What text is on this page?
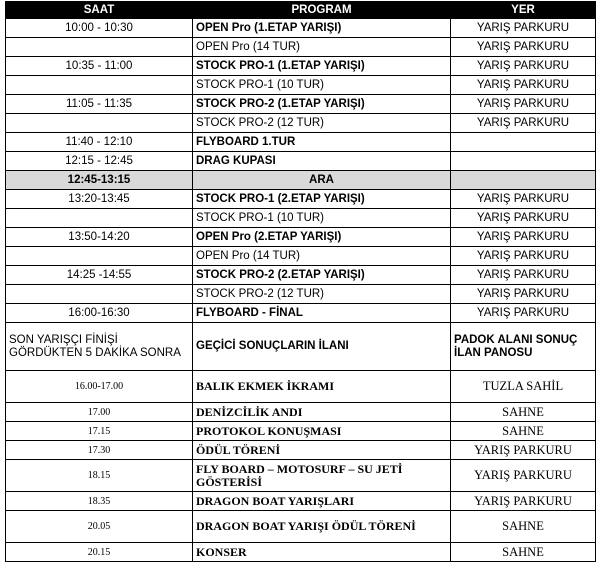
SAAT	PROGRAM	YER
10:00 - 10:30	OPEN Pro (1.ETAP YARIŞI)	YARIŞ PARKURU
	OPEN Pro (14 TUR)	YARIŞ PARKURU
10:35 - 11:00	STOCK PRO-1 (1.ETAP YARIŞI)	YARIŞ PARKURU
	STOCK PRO-1 (10 TUR)	YARIŞ PARKURU
11:05 - 11:35	STOCK PRO-2 (1.ETAP YARIŞI)	YARIŞ PARKURU
	STOCK PRO-2 (12 TUR)	YARIŞ PARKURU
11:40 - 12:10	FLYBOARD 1.TUR	
12:15 - 12:45	DRAG KUPASI	
12:45-13:15	ARA	
13:20-13:45	STOCK PRO-1 (2.ETAP YARIŞI)	YARIŞ PARKURU
	STOCK PRO-1 (10 TUR)	YARIŞ PARKURU
13:50-14:20	OPEN Pro (2.ETAP YARIŞI)	YARIŞ PARKURU
	OPEN Pro (14 TUR)	YARIŞ PARKURU
14:25 -14:55	STOCK PRO-2 (2.ETAP YARIŞI)	YARIŞ PARKURU
	STOCK PRO-2 (12 TUR)	YARIŞ PARKURU
16:00-16:30	FLYBOARD - FİNAL	YARIŞ PARKURU
SON YARIŞÇI FİNİŞİ GÖRDÜKTEN 5 DAKİKA SONRA	GEÇİCİ SONUÇLARIN İLANI	PADOK ALANI SONUÇ İLAN PANOSU
16.00-17.00	BALIK EKMEK İKRAMI	TUZLA SAHİL
17.00	DENİZCİLİK ANDI	SAHNE
17.15	PROTOKOL KONUŞMASI	SAHNE
17.30	ÖDÜL TÖRENİ	YARIŞ PARKURU
18.15	FLY BOARD – MOTOSURF – SU JETİ GÖSTERİSİ	YARIŞ PARKURU
18.35	DRAGON BOAT YARIŞLARI	YARIŞ PARKURU
20.05	DRAGON BOAT YARIŞI ÖDÜL TÖRENİ	SAHNE
20.15	KONSER	SAHNE
